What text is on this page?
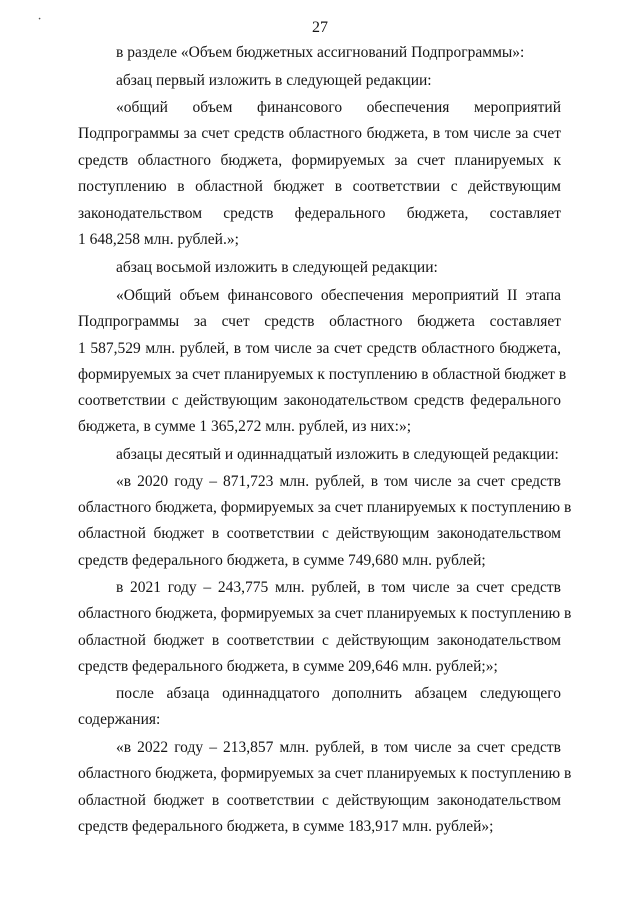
·	27
в разделе «Объем бюджетных ассигнований Подпрограммы»:
абзац первый изложить в следующей редакции:
«общий объем финансового обеспечения мероприятий
Подпрограммы за счет средств областного бюджета, в том числе за счет
средств областного бюджета, формируемых за счет планируемых к
поступлению в областной бюджет в соответствии с действующим
законодательством средств федерального бюджета, составляет
1 648,258 млн. рублей.»;
абзац восьмой изложить в следующей редакции:
«Общий объем финансового обеспечения мероприятий II этапа
Подпрограммы за счет средств областного бюджета составляет
1 587,529 млн. рублей, в том числе за счет средств областного бюджета,
формируемых за счет планируемых к поступлению в областной бюджет в
соответствии с действующим законодательством средств федерального
бюджета, в сумме 1 365,272 млн. рублей, из них:»;
абзацы десятый и одиннадцатый изложить в следующей редакции:
«в 2020 году – 871,723 млн. рублей, в том числе за счет средств
областного бюджета, формируемых за счет планируемых к поступлению в
областной бюджет в соответствии с действующим законодательством
средств федерального бюджета, в сумме 749,680 млн. рублей;
в 2021 году – 243,775 млн. рублей, в том числе за счет средств
областного бюджета, формируемых за счет планируемых к поступлению в
областной бюджет в соответствии с действующим законодательством
средств федерального бюджета, в сумме 209,646 млн. рублей;»;
после абзаца одиннадцатого дополнить абзацем следующего
содержания:
«в 2022 году – 213,857 млн. рублей, в том числе за счет средств
областного бюджета, формируемых за счет планируемых к поступлению в
областной бюджет в соответствии с действующим законодательством
средств федерального бюджета, в сумме 183,917 млн. рублей»;
